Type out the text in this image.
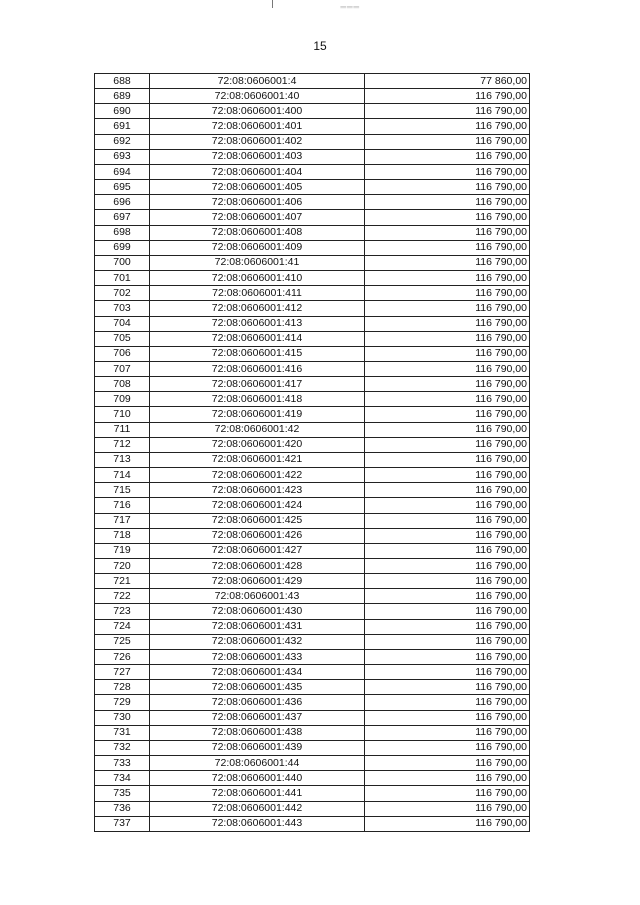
𝍡𝍡𝍡
15
688	72:08:0606001:4	77 860,00
689	72:08:0606001:40	116 790,00
690	72:08:0606001:400	116 790,00
691	72:08:0606001:401	116 790,00
692	72:08:0606001:402	116 790,00
693	72:08:0606001:403	116 790,00
694	72:08:0606001:404	116 790,00
695	72:08:0606001:405	116 790,00
696	72:08:0606001:406	116 790,00
697	72:08:0606001:407	116 790,00
698	72:08:0606001:408	116 790,00
699	72:08:0606001:409	116 790,00
700	72:08:0606001:41	116 790,00
701	72:08:0606001:410	116 790,00
702	72:08:0606001:411	116 790,00
703	72:08:0606001:412	116 790,00
704	72:08:0606001:413	116 790,00
705	72:08:0606001:414	116 790,00
706	72:08:0606001:415	116 790,00
707	72:08:0606001:416	116 790,00
708	72:08:0606001:417	116 790,00
709	72:08:0606001:418	116 790,00
710	72:08:0606001:419	116 790,00
711	72:08:0606001:42	116 790,00
712	72:08:0606001:420	116 790,00
713	72:08:0606001:421	116 790,00
714	72:08:0606001:422	116 790,00
715	72:08:0606001:423	116 790,00
716	72:08:0606001:424	116 790,00
717	72:08:0606001:425	116 790,00
718	72:08:0606001:426	116 790,00
719	72:08:0606001:427	116 790,00
720	72:08:0606001:428	116 790,00
721	72:08:0606001:429	116 790,00
722	72:08:0606001:43	116 790,00
723	72:08:0606001:430	116 790,00
724	72:08:0606001:431	116 790,00
725	72:08:0606001:432	116 790,00
726	72:08:0606001:433	116 790,00
727	72:08:0606001:434	116 790,00
728	72:08:0606001:435	116 790,00
729	72:08:0606001:436	116 790,00
730	72:08:0606001:437	116 790,00
731	72:08:0606001:438	116 790,00
732	72:08:0606001:439	116 790,00
733	72:08:0606001:44	116 790,00
734	72:08:0606001:440	116 790,00
735	72:08:0606001:441	116 790,00
736	72:08:0606001:442	116 790,00
737	72:08:0606001:443	116 790,00
